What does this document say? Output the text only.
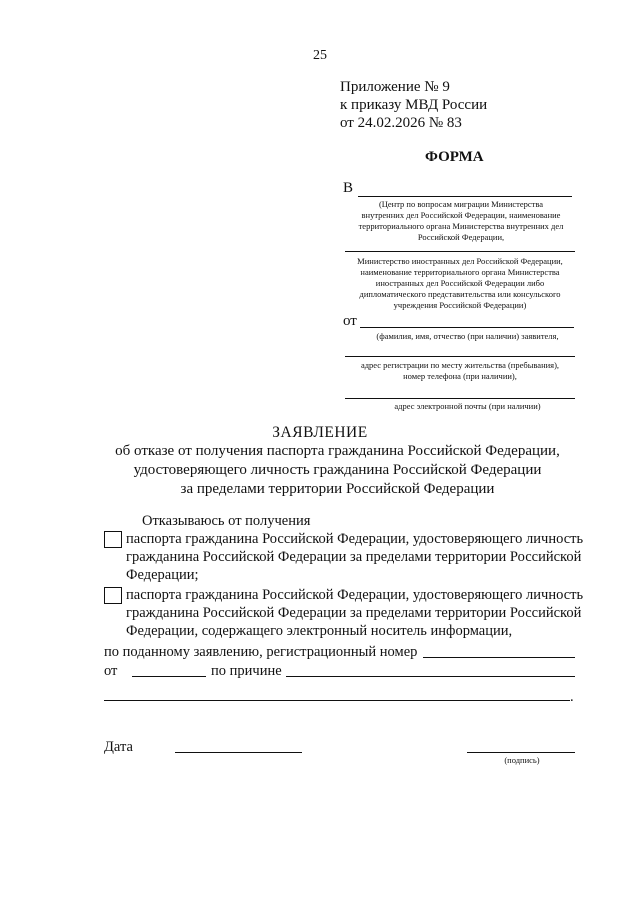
25
Приложение № 9
к приказу МВД России
от 24.02.2026 № 83
ФОРМА
В
(Центр по вопросам миграции Министерства
внутренних дел Российской Федерации, наименование
территориального органа Министерства внутренних дел
Российской Федерации,
Министерство иностранных дел Российской Федерации,
наименование территориального органа Министерства
иностранных дел Российской Федерации либо
дипломатического представительства или консульского
учреждения Российской Федерации)
от
(фамилия, имя, отчество (при наличии) заявителя,
адрес регистрации по месту жительства (пребывания),
номер телефона (при наличии),
адрес электронной почты (при наличии)
ЗАЯВЛЕНИЕ
об отказе от получения паспорта гражданина Российской Федерации,
удостоверяющего личность гражданина Российской Федерации
за пределами территории Российской Федерации
Отказываюсь от получения
паспорта гражданина Российской Федерации, удостоверяющего личность
гражданина Российской Федерации за пределами территории Российской
Федерации;
паспорта гражданина Российской Федерации, удостоверяющего личность
гражданина Российской Федерации за пределами территории Российской
Федерации, содержащего электронный носитель информации,
по поданному заявлению, регистрационный номер
от	по причине
.
Дата
(подпись)
